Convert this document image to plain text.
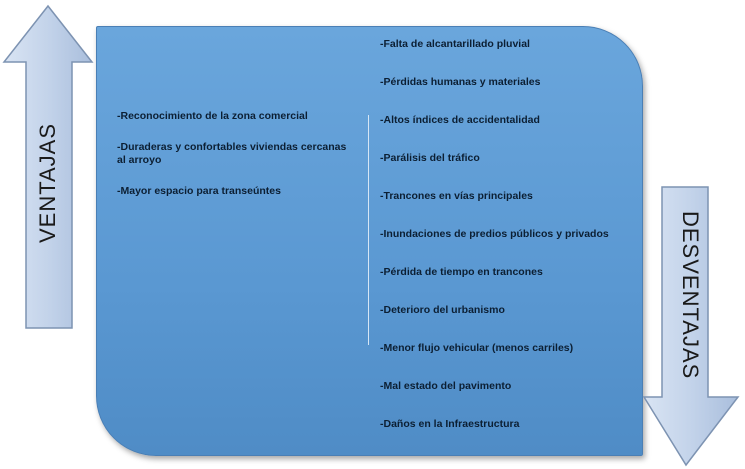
VENTAJAS
DESVENTAJAS
-Reconocimiento de la zona comercial
-Duraderas y confortables viviendas cercanas al arroyo
-Mayor espacio para transeúntes
-Falta de alcantarillado pluvial
-Pérdidas humanas y materiales
-Altos índices de accidentalidad
-Parálisis del tráfico
-Trancones en vías principales
-Inundaciones de predios públicos y privados
-Pérdida de tiempo en trancones
-Deterioro del urbanismo
-Menor flujo vehicular (menos carriles)
-Mal estado del pavimento
-Daños en la Infraestructura
